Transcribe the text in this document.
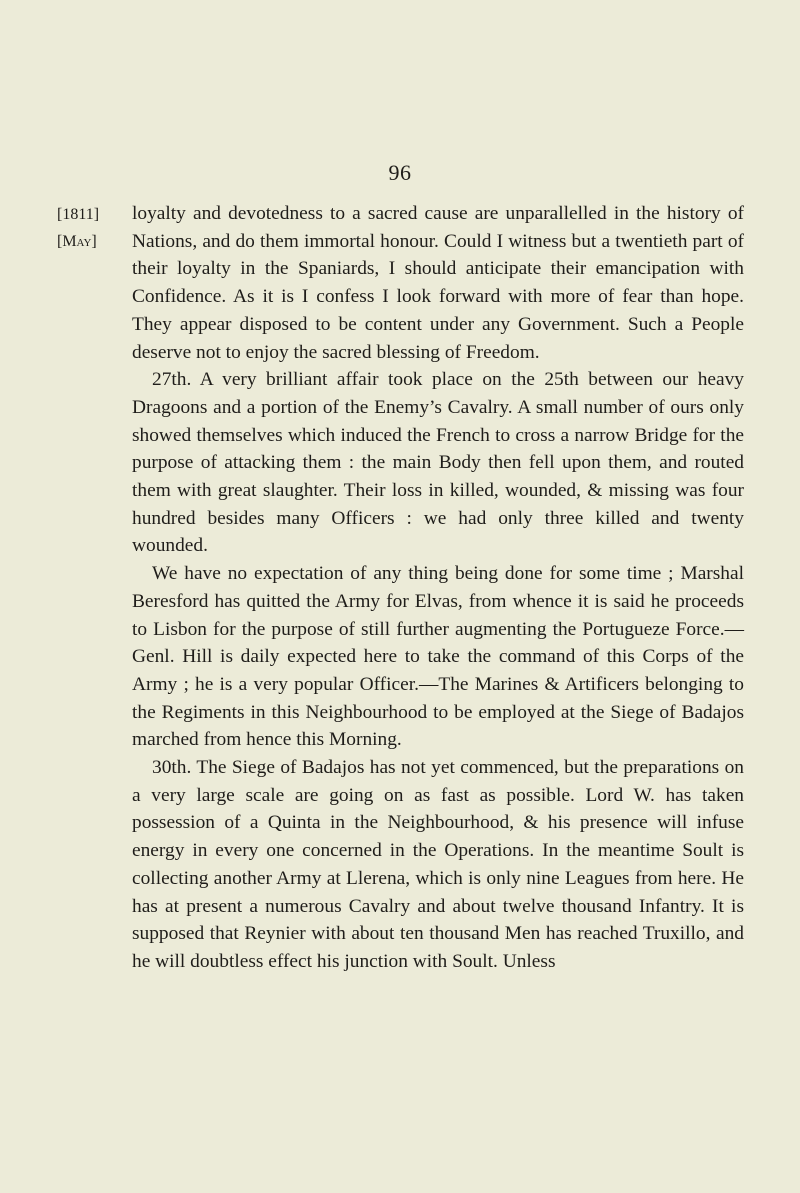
96
[1811]
[May]

loyalty and devotedness to a sacred cause are unparallelled in the history of Nations, and do them immortal honour. Could I witness but a twentieth part of their loyalty in the Spaniards, I should anticipate their emancipation with Confidence. As it is I confess I look forward with more of fear than hope. They appear disposed to be content under any Government. Such a People deserve not to enjoy the sacred blessing of Freedom.

27th. A very brilliant affair took place on the 25th between our heavy Dragoons and a portion of the Enemy’s Cavalry. A small number of ours only showed themselves which induced the French to cross a narrow Bridge for the purpose of attacking them : the main Body then fell upon them, and routed them with great slaughter. Their loss in killed, wounded, & missing was four hundred besides many Officers : we had only three killed and twenty wounded.

We have no expectation of any thing being done for some time ; Marshal Beresford has quitted the Army for Elvas, from whence it is said he proceeds to Lisbon for the purpose of still further augmenting the Portugueze Force.—Genl. Hill is daily expected here to take the command of this Corps of the Army ; he is a very popular Officer.—The Marines & Artificers belonging to the Regiments in this Neighbourhood to be employed at the Siege of Badajos marched from hence this Morning.

30th. The Siege of Badajos has not yet commenced, but the preparations on a very large scale are going on as fast as possible. Lord W. has taken possession of a Quinta in the Neighbourhood, & his presence will infuse energy in every one concerned in the Operations. In the meantime Soult is collecting another Army at Llerena, which is only nine Leagues from here. He has at present a numerous Cavalry and about twelve thousand Infantry. It is supposed that Reynier with about ten thousand Men has reached Truxillo, and he will doubtless effect his junction with Soult. Unless
